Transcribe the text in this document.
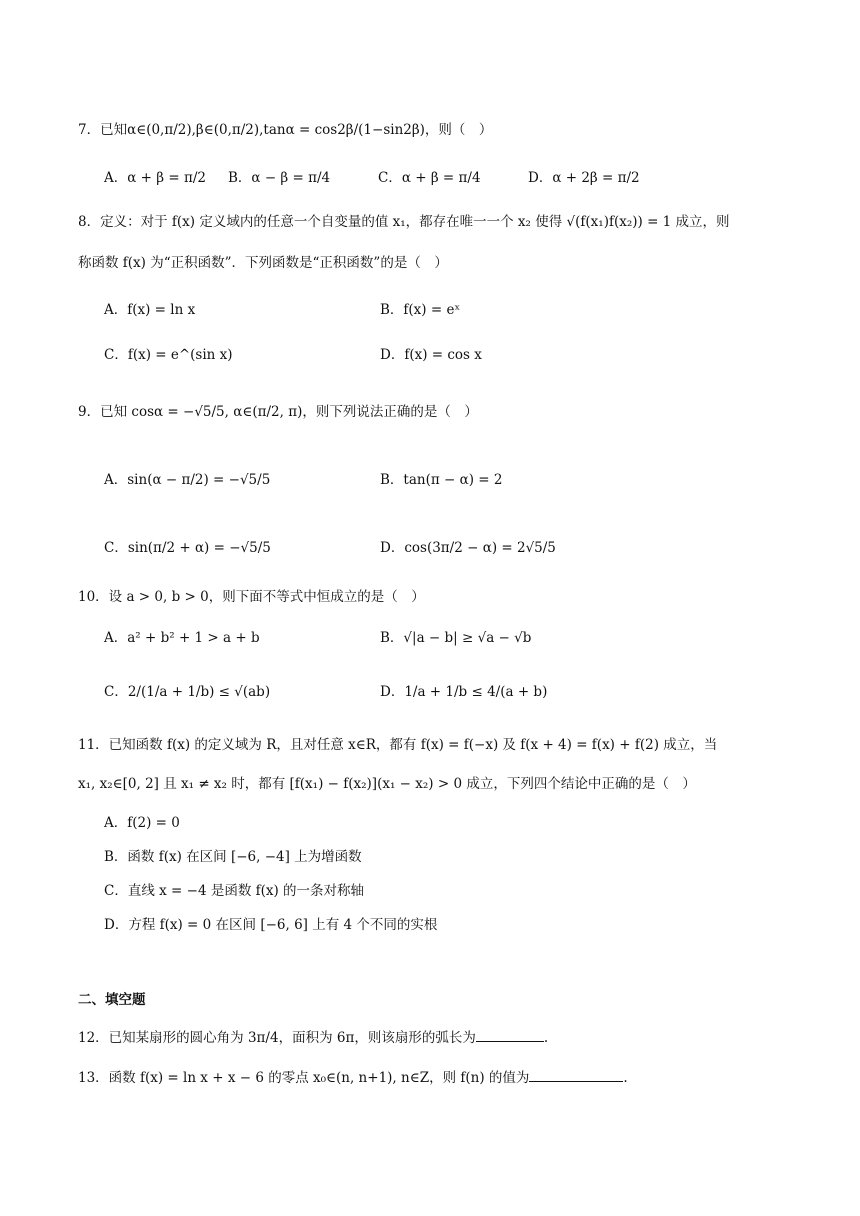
7．已知α∈(0,π/2),β∈(0,π/2),tanα = cos2β/(1−sin2β)，则（　）
A．α + β = π/2 B．α − β = π/4	C．α + β = π/4	D．α + 2β = π/2
8．定义：对于 f(x) 定义域内的任意一个自变量的值 x₁，都存在唯一一个 x₂ 使得 √(f(x₁)f(x₂)) = 1 成立，则
称函数 f(x) 为“正积函数”．下列函数是“正积函数”的是（　）
A．f(x) = ln x	B．f(x) = eˣ
C．f(x) = e^(sin x)	D．f(x) = cos x
9．已知 cosα = −√5/5, α∈(π/2, π)，则下列说法正确的是（　）
A．sin(α − π/2) = −√5/5	B．tan(π − α) = 2
C．sin(π/2 + α) = −√5/5	D．cos(3π/2 − α) = 2√5/5
10．设 a > 0, b > 0，则下面不等式中恒成立的是（　）
A．a² + b² + 1 > a + b	B．√|a − b| ≥ √a − √b
C．2/(1/a + 1/b) ≤ √(ab)	D．1/a + 1/b ≤ 4/(a + b)
11．已知函数 f(x) 的定义域为 R，且对任意 x∈R，都有 f(x) = f(−x) 及 f(x + 4) = f(x) + f(2) 成立，当
x₁, x₂∈[0, 2] 且 x₁ ≠ x₂ 时，都有 [f(x₁) − f(x₂)](x₁ − x₂) > 0 成立，下列四个结论中正确的是（　）
A．f(2) = 0
B．函数 f(x) 在区间 [−6, −4] 上为增函数
C．直线 x = −4 是函数 f(x) 的一条对称轴
D．方程 f(x) = 0 在区间 [−6, 6] 上有 4 个不同的实根
二、填空题
12．已知某扇形的圆心角为 3π/4，面积为 6π，则该扇形的弧长为	.
13．函数 f(x) = ln x + x − 6 的零点 x₀∈(n, n+1), n∈Z，则 f(n) 的值为	.
